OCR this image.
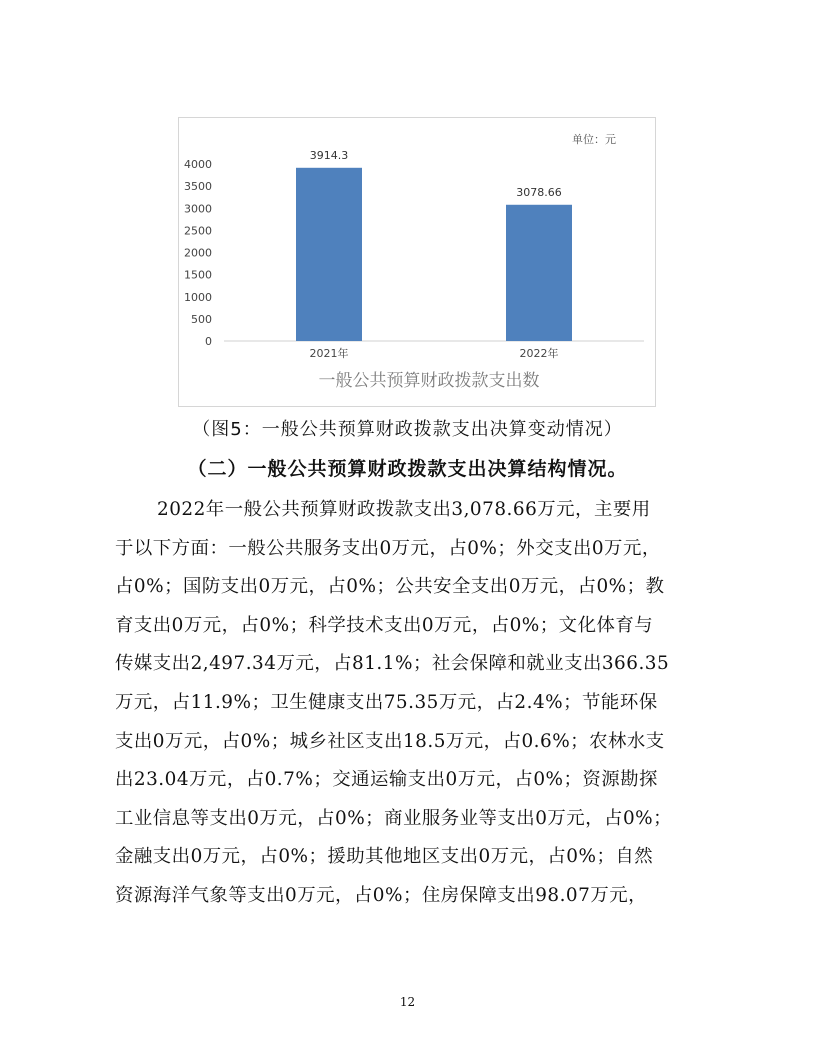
单位：元
0
500
1000
1500
2000
2500
3000
3500
4000
3914.3
3078.66
2021年	2022年
一般公共预算财政拨款支出数
（图5：一般公共预算财政拨款支出决算变动情况）
（二）一般公共预算财政拨款支出决算结构情况。
2022年一般公共预算财政拨款支出3,078.66万元，主要用
于以下方面：一般公共服务支出0万元，占0%；外交支出0万元，
占0%；国防支出0万元，占0%；公共安全支出0万元，占0%；教
育支出0万元，占0%；科学技术支出0万元，占0%；文化体育与
传媒支出2,497.34万元，占81.1%；社会保障和就业支出366.35
万元，占11.9%；卫生健康支出75.35万元，占2.4%；节能环保
支出0万元，占0%；城乡社区支出18.5万元，占0.6%；农林水支
出23.04万元，占0.7%；交通运输支出0万元，占0%；资源勘探
工业信息等支出0万元，占0%；商业服务业等支出0万元，占0%；
金融支出0万元，占0%；援助其他地区支出0万元，占0%；自然
资源海洋气象等支出0万元，占0%；住房保障支出98.07万元，
12
